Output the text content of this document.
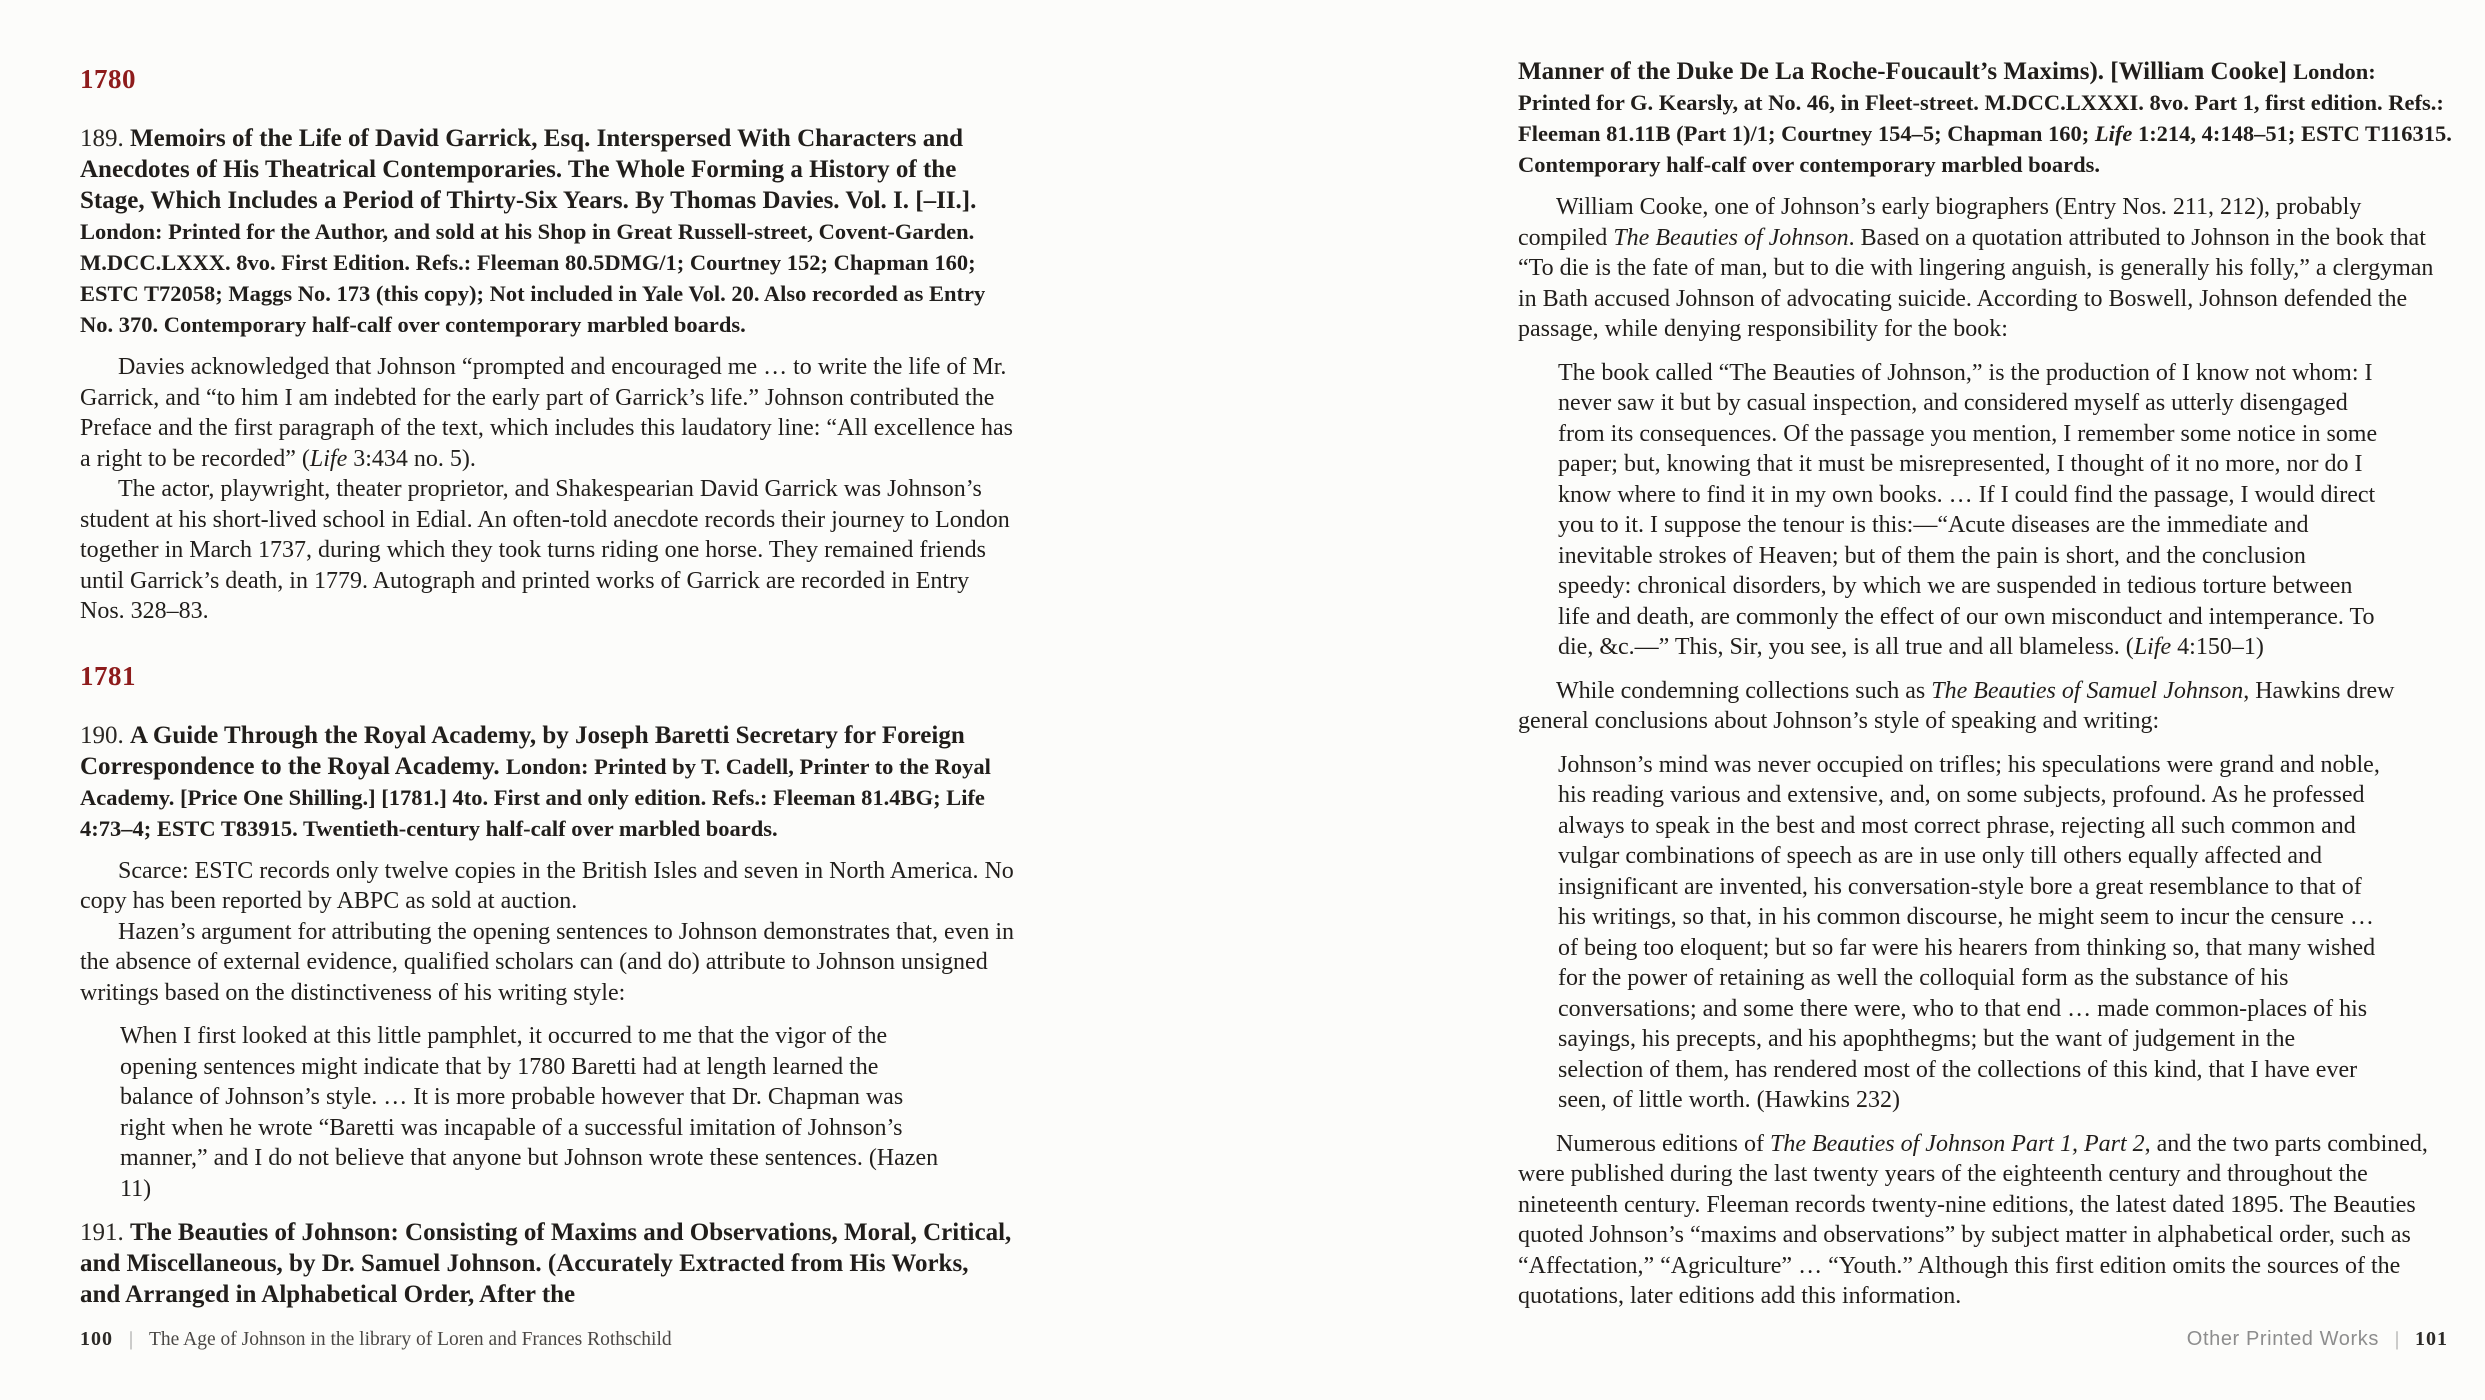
1780

189. Memoirs of the Life of David Garrick, Esq. Interspersed With Characters and Anecdotes of His Theatrical Contemporaries. The Whole Forming a History of the Stage, Which Includes a Period of Thirty-Six Years. By Thomas Davies. Vol. I. [–II.]. London: Printed for the Author, and sold at his Shop in Great Russell-street, Covent-Garden. M.DCC.LXXX. 8vo. First Edition. Refs.: Fleeman 80.5DMG/1; Courtney 152; Chapman 160; ESTC T72058; Maggs No. 173 (this copy); Not included in Yale Vol. 20. Also recorded as Entry No. 370. Contemporary half-calf over contemporary marbled boards.

Davies acknowledged that Johnson “prompted and encouraged me … to write the life of Mr. Garrick, and “to him I am indebted for the early part of Garrick’s life.” Johnson contributed the Preface and the first paragraph of the text, which includes this laudatory line: “All excellence has a right to be recorded” (Life 3:434 no. 5).

The actor, playwright, theater proprietor, and Shakespearian David Garrick was Johnson’s student at his short-lived school in Edial. An often-told anecdote records their journey to London together in March 1737, during which they took turns riding one horse. They remained friends until Garrick’s death, in 1779. Autograph and printed works of Garrick are recorded in Entry Nos. 328–83.

1781

190. A Guide Through the Royal Academy, by Joseph Baretti Secretary for Foreign Correspondence to the Royal Academy. London: Printed by T. Cadell, Printer to the Royal Academy. [Price One Shilling.] [1781.] 4to. First and only edition. Refs.: Fleeman 81.4BG; Life 4:73–4; ESTC T83915. Twentieth-century half-calf over marbled boards.

Scarce: ESTC records only twelve copies in the British Isles and seven in North America. No copy has been reported by ABPC as sold at auction.

Hazen’s argument for attributing the opening sentences to Johnson demonstrates that, even in the absence of external evidence, qualified scholars can (and do) attribute to Johnson unsigned writings based on the distinctiveness of his writing style:

When I first looked at this little pamphlet, it occurred to me that the vigor of the opening sentences might indicate that by 1780 Baretti had at length learned the balance of Johnson’s style. … It is more probable however that Dr. Chapman was right when he wrote “Baretti was incapable of a successful imitation of Johnson’s manner,” and I do not believe that anyone but Johnson wrote these sentences. (Hazen 11)

191. The Beauties of Johnson: Consisting of Maxims and Observations, Moral, Critical, and Miscellaneous, by Dr. Samuel Johnson. (Accurately Extracted from His Works, and Arranged in Alphabetical Order, After the

Manner of the Duke De La Roche-Foucault’s Maxims). [William Cooke] London: Printed for G. Kearsly, at No. 46, in Fleet-street. M.DCC.LXXXI. 8vo. Part 1, first edition. Refs.: Fleeman 81.11B (Part 1)/1; Courtney 154–5; Chapman 160; Life 1:214, 4:148–51; ESTC T116315. Contemporary half-calf over contemporary marbled boards.

William Cooke, one of Johnson’s early biographers (Entry Nos. 211, 212), probably compiled The Beauties of Johnson. Based on a quotation attributed to Johnson in the book that “To die is the fate of man, but to die with lingering anguish, is generally his folly,” a clergyman in Bath accused Johnson of advocating suicide. According to Boswell, Johnson defended the passage, while denying responsibility for the book:

The book called “The Beauties of Johnson,” is the production of I know not whom: I never saw it but by casual inspection, and considered myself as utterly disengaged from its consequences. Of the passage you mention, I remember some notice in some paper; but, knowing that it must be misrepresented, I thought of it no more, nor do I know where to find it in my own books. … If I could find the passage, I would direct you to it. I suppose the tenour is this:—“Acute diseases are the immediate and inevitable strokes of Heaven; but of them the pain is short, and the conclusion speedy: chronical disorders, by which we are suspended in tedious torture between life and death, are commonly the effect of our own misconduct and intemperance. To die, &c.—” This, Sir, you see, is all true and all blameless. (Life 4:150–1)

While condemning collections such as The Beauties of Samuel Johnson, Hawkins drew general conclusions about Johnson’s style of speaking and writing:

Johnson’s mind was never occupied on trifles; his speculations were grand and noble, his reading various and extensive, and, on some subjects, profound. As he professed always to speak in the best and most correct phrase, rejecting all such common and vulgar combinations of speech as are in use only till others equally affected and insignificant are invented, his conversation-style bore a great resemblance to that of his writings, so that, in his common discourse, he might seem to incur the censure … of being too eloquent; but so far were his hearers from thinking so, that many wished for the power of retaining as well the colloquial form as the substance of his conversations; and some there were, who to that end … made common-places of his sayings, his precepts, and his apophthegms; but the want of judgement in the selection of them, has rendered most of the collections of this kind, that I have ever seen, of little worth. (Hawkins 232)

Numerous editions of The Beauties of Johnson Part 1, Part 2, and the two parts combined, were published during the last twenty years of the eighteenth century and throughout the nineteenth century. Fleeman records twenty-nine editions, the latest dated 1895. The Beauties quoted Johnson’s “maxims and observations” by subject matter in alphabetical order, such as “Affectation,” “Agriculture” … “Youth.” Although this first edition omits the sources of the quotations, later editions add this information.

100 | The Age of Johnson in the library of Loren and Frances Rothschild	Other Printed Works | 101
